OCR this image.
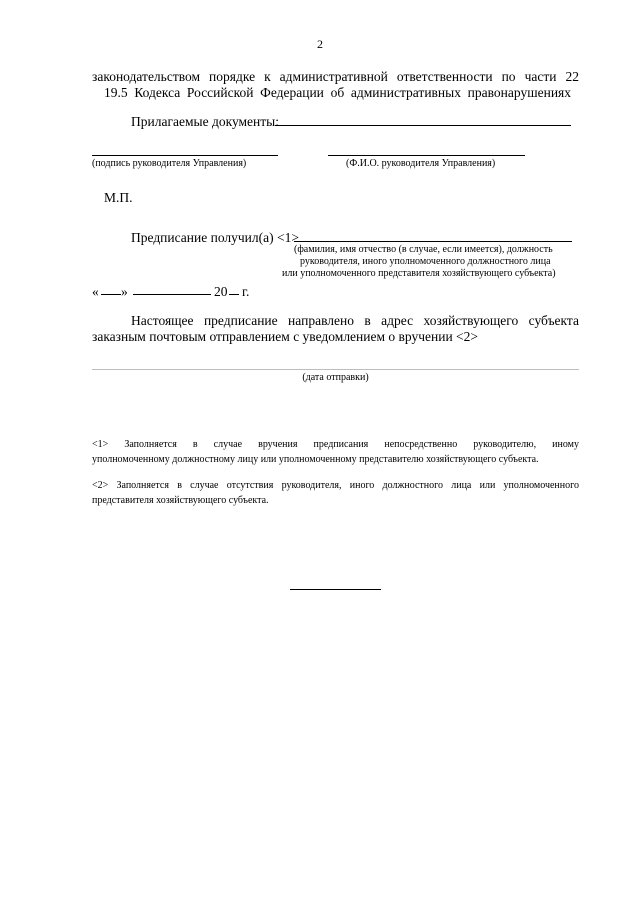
2
законодательством порядке к административной ответственности по части 22
19.5 Кодекса Российской Федерации об административных правонарушениях
Прилагаемые документы:
(подпись руководителя Управления)	(Ф.И.О. руководителя Управления)
М.П.
Предписание получил(а) <1>
(фамилия, имя отчество (в случае, если имеется), должность
руководителя, иного уполномоченного должностного лица
или уполномоченного представителя хозяйствующего субъекта)
« »	20 г.
Настоящее предписание направлено в адрес хозяйствующего субъекта
заказным почтовым отправлением с уведомлением о вручении <2>
(дата отправки)
<1> Заполняется в случае вручения предписания непосредственно руководителю, иному
уполномоченному должностному лицу или уполномоченному представителю хозяйствующего субъекта.
<2> Заполняется в случае отсутствия руководителя, иного должностного лица или уполномоченного
представителя хозяйствующего субъекта.
